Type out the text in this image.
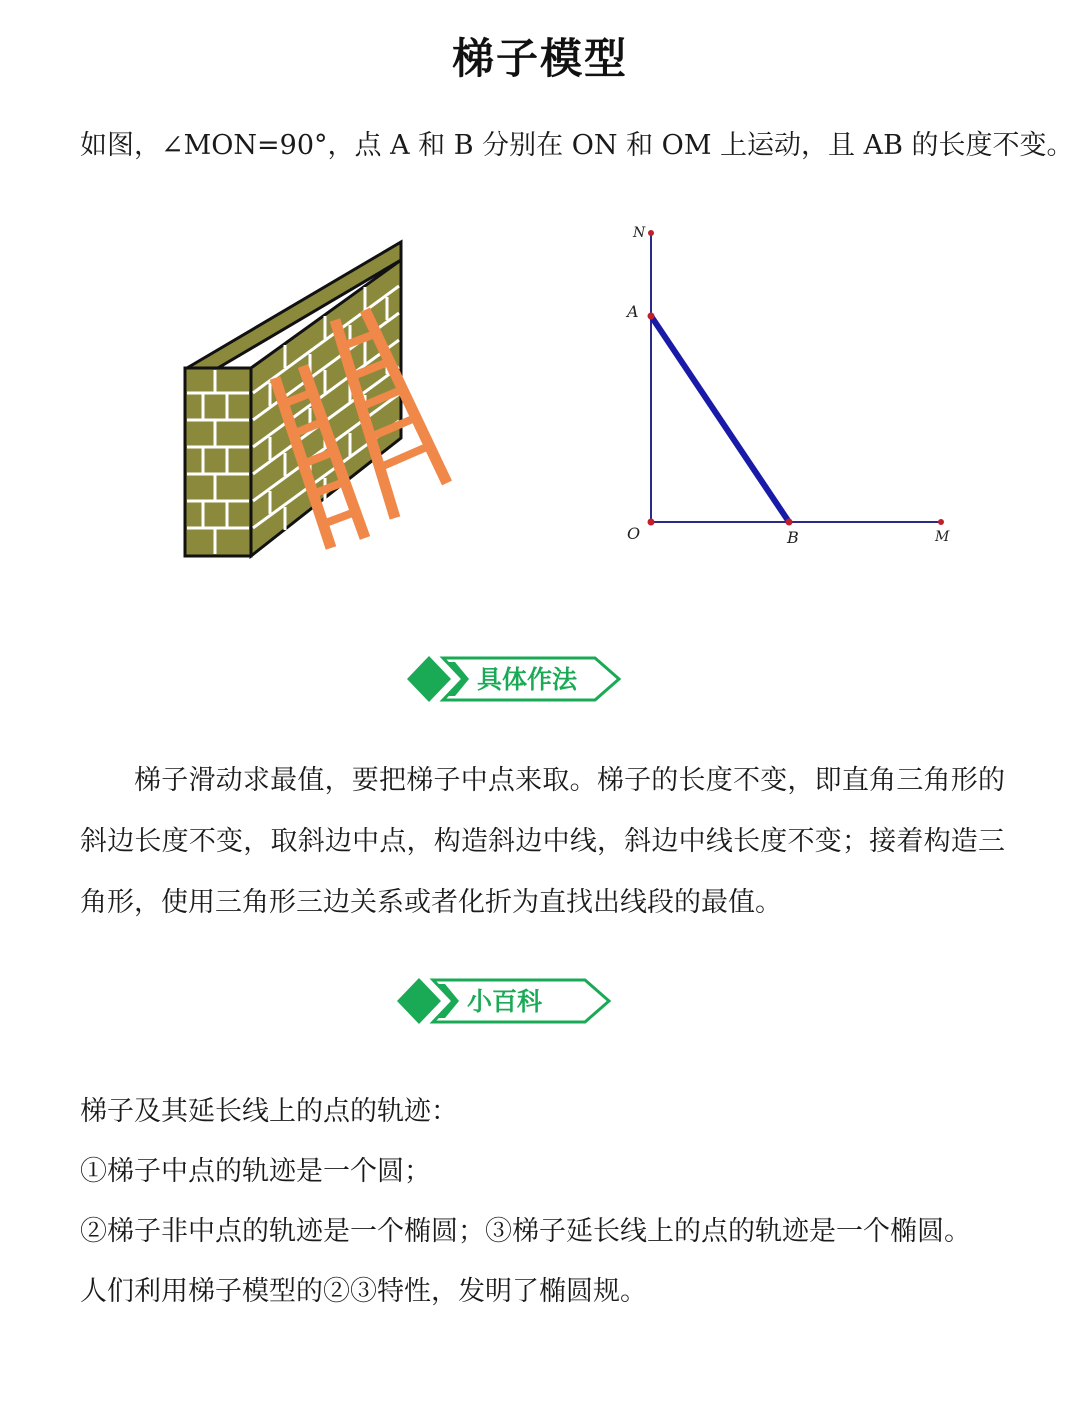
梯子模型
如图，∠MON=90°，点 A 和 B 分别在 ON 和 OM 上运动，且 AB 的长度不变。
N
A
O	B	M
具体作法
梯子滑动求最值，要把梯子中点来取。梯子的长度不变，即直角三角形的斜边长度不变，取斜边中点，构造斜边中线，斜边中线长度不变；接着构造三角形，使用三角形三边关系或者化折为直找出线段的最值。
小百科
梯子及其延长线上的点的轨迹：
①梯子中点的轨迹是一个圆；
②梯子非中点的轨迹是一个椭圆；③梯子延长线上的点的轨迹是一个椭圆。
人们利用梯子模型的②③特性，发明了椭圆规。
